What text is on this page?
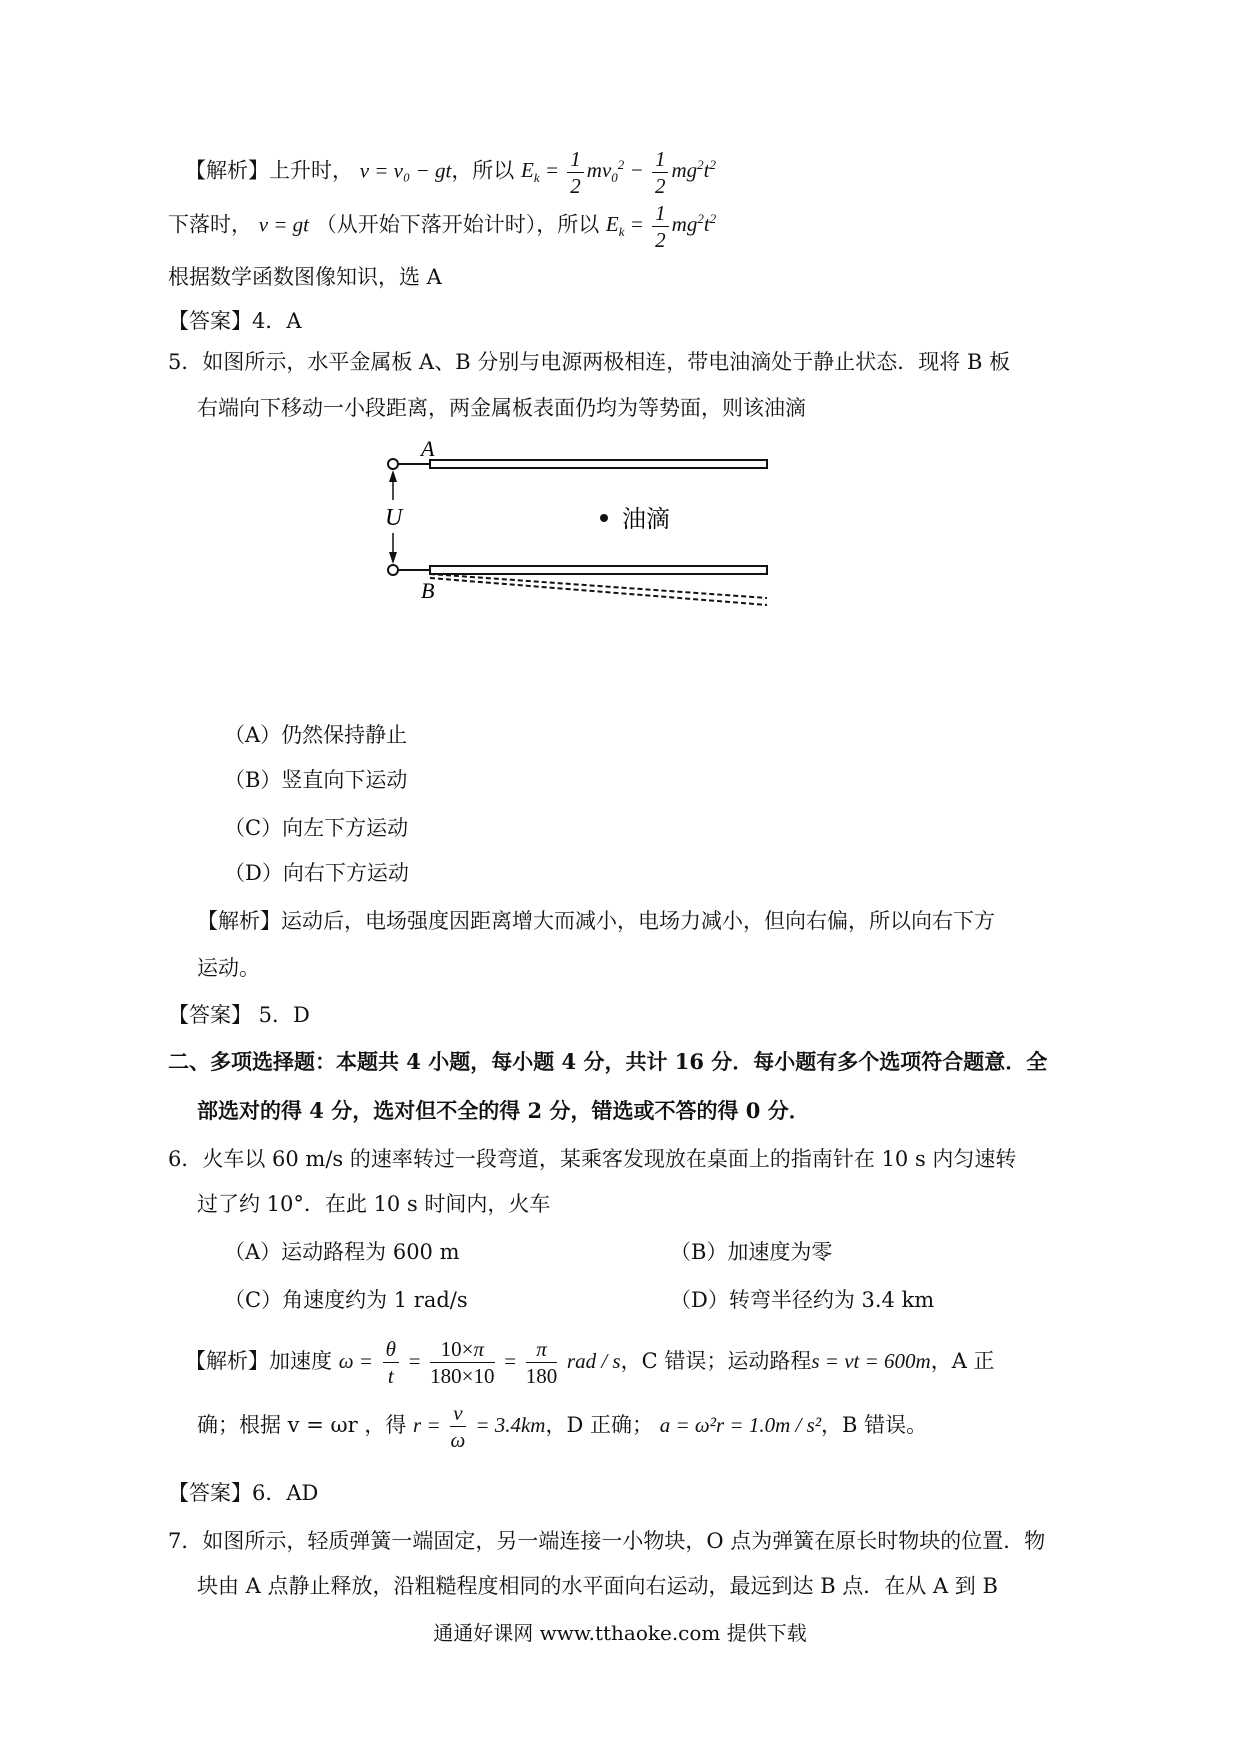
【解析】上升时， v = v₀ − gt，所以 $E_k = \frac{1}{2} mv_0^2 - \frac{1}{2} mg^2t^2$
下落时， v = gt （从开始下落开始计时），所以 $E_k = \frac{1}{2} mg^2t^2$
根据数学函数图像知识，选 A
【答案】4．A
5．如图所示，水平金属板 A、B 分别与电源两极相连，带电油滴处于静止状态．现将 B 板
右端向下移动一小段距离，两金属板表面仍均为等势面，则该油滴
A
B
U	油滴
（A）仍然保持静止
（B）竖直向下运动
（C）向左下方运动
（D）向右下方运动
【解析】运动后，电场强度因距离增大而减小，电场力减小，但向右偏，所以向右下方
运动。
【答案】 5．D
二、多项选择题：本题共 4 小题，每小题 4 分，共计 16 分．每小题有多个选项符合题意．全
部选对的得 4 分，选对但不全的得 2 分，错选或不答的得 0 分．
6．火车以 60 m/s 的速率转过一段弯道，某乘客发现放在桌面上的指南针在 10 s 内匀速转
过了约 10°．在此 10 s 时间内，火车
（A）运动路程为 600 m	（B）加速度为零
（C）角速度约为 1 rad/s	（D）转弯半径约为 3.4 km
【解析】加速度 $\omega = \frac{\theta}{t} = \frac{10\times\pi}{180\times 10} = \frac{\pi}{180}$ rad / s，C 错误；运动路程s = vt = 600m，A 正
确；根据 v = ωr ，得 $r = \frac{v}{\omega} = 3.4km$，D 正确； a = ω²r = 1.0m / s²，B 错误。
【答案】6．AD
7．如图所示，轻质弹簧一端固定，另一端连接一小物块，O 点为弹簧在原长时物块的位置．物
块由 A 点静止释放，沿粗糙程度相同的水平面向右运动，最远到达 B 点．在从 A 到 B
通通好课网 www.tthaoke.com 提供下载
